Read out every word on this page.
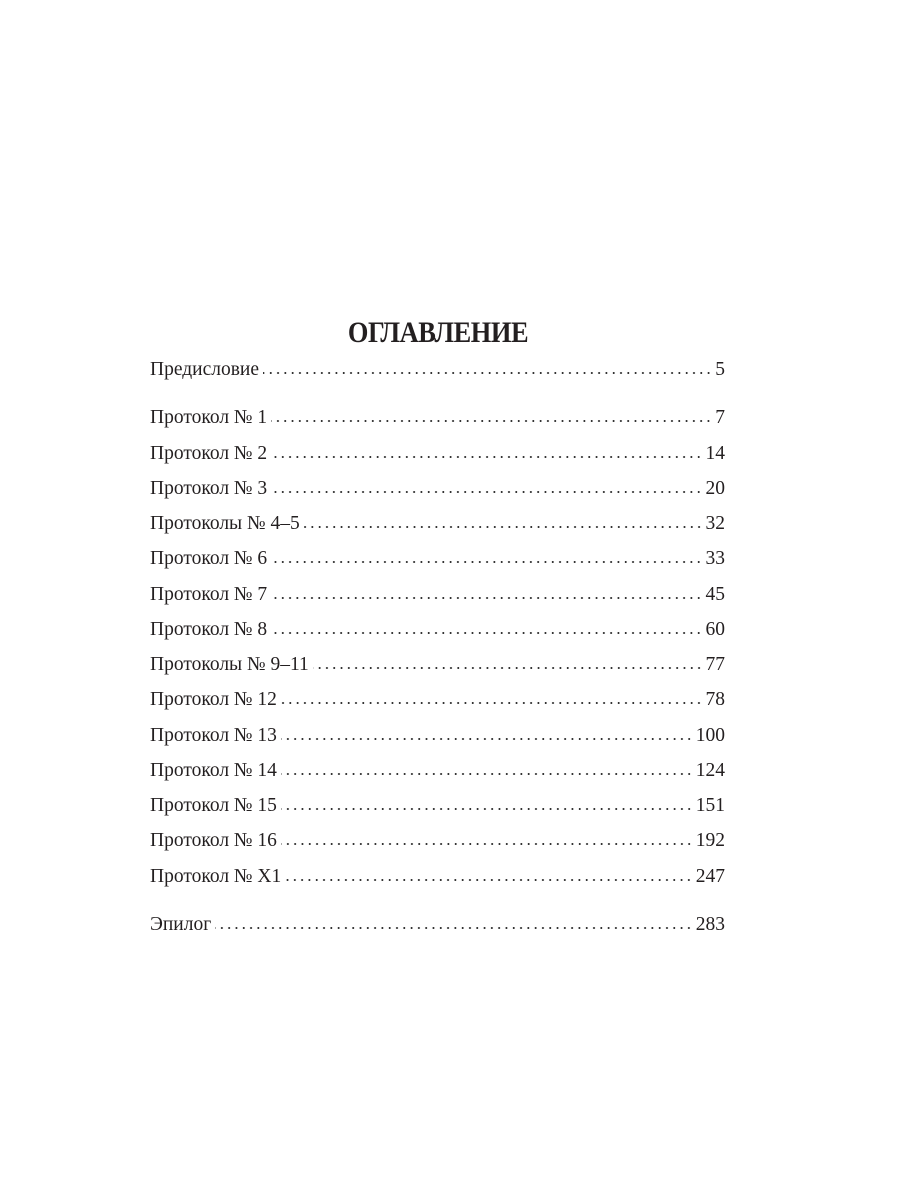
ОГЛАВЛЕНИЕ
Предисловие	5
Протокол № 1	7
Протокол № 2	14
Протокол № 3	20
Протоколы № 4–5	32
Протокол № 6	33
Протокол № 7	45
Протокол № 8	60
Протоколы № 9–11	77
Протокол № 12	78
Протокол № 13	100
Протокол № 14	124
Протокол № 15	151
Протокол № 16	192
Протокол № X1	247
Эпилог	283
